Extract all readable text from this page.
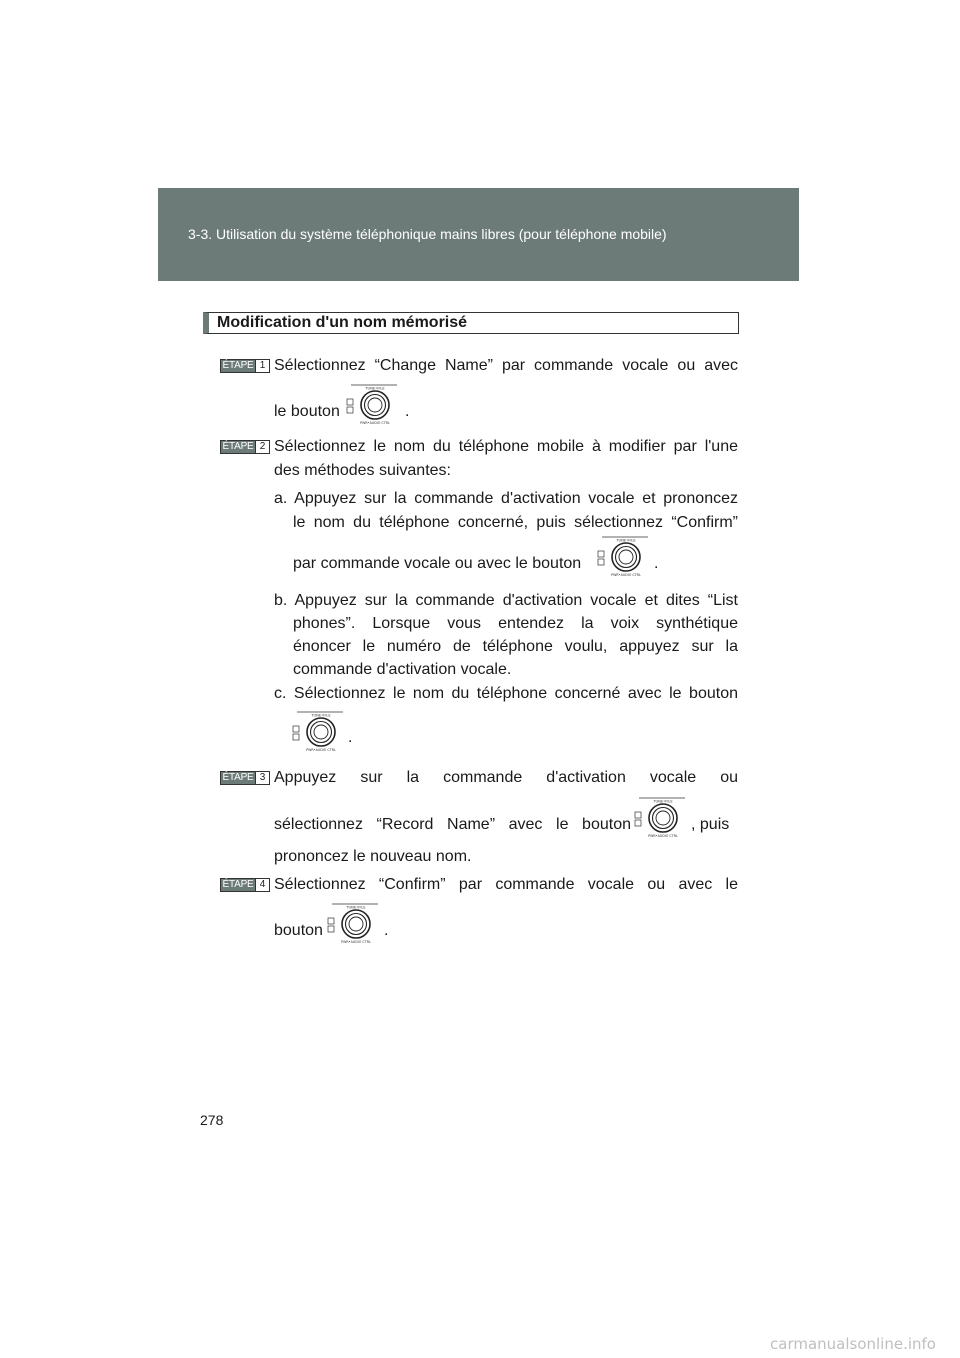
3-3. Utilisation du système téléphonique mains libres (pour téléphone mobile)
Modification d'un nom mémorisé
ÉTAPE 1 Sélectionnez “Change Name” par commande vocale ou avec
le bouton
TUNE•FILE
PWR•AUDIO CTRL
.
ÉTAPE 2 Sélectionnez le nom du téléphone mobile à modifier par l'une
des méthodes suivantes:
a. Appuyez sur la commande d'activation vocale et prononcez
le nom du téléphone concerné, puis sélectionnez “Confirm”
par commande vocale ou avec le bouton
TUNE•FILE
PWR•AUDIO CTRL
.
b. Appuyez sur la commande d'activation vocale et dites “List
phones”. Lorsque vous entendez la voix synthétique
énoncer le numéro de téléphone voulu, appuyez sur la
commande d'activation vocale.
c. Sélectionnez le nom du téléphone concerné avec le bouton
TUNE•FILE
PWR•AUDIO CTRL
.
ÉTAPE 3 Appuyez sur la commande d'activation vocale ou
sélectionnez “Record Name” avec le bouton
TUNE•FILE
PWR•AUDIO CTRL
, puis
prononcez le nouveau nom.
ÉTAPE 4 Sélectionnez “Confirm” par commande vocale ou avec le
bouton
TUNE•FILE
PWR•AUDIO CTRL
.
278
carmanualsonline.info
